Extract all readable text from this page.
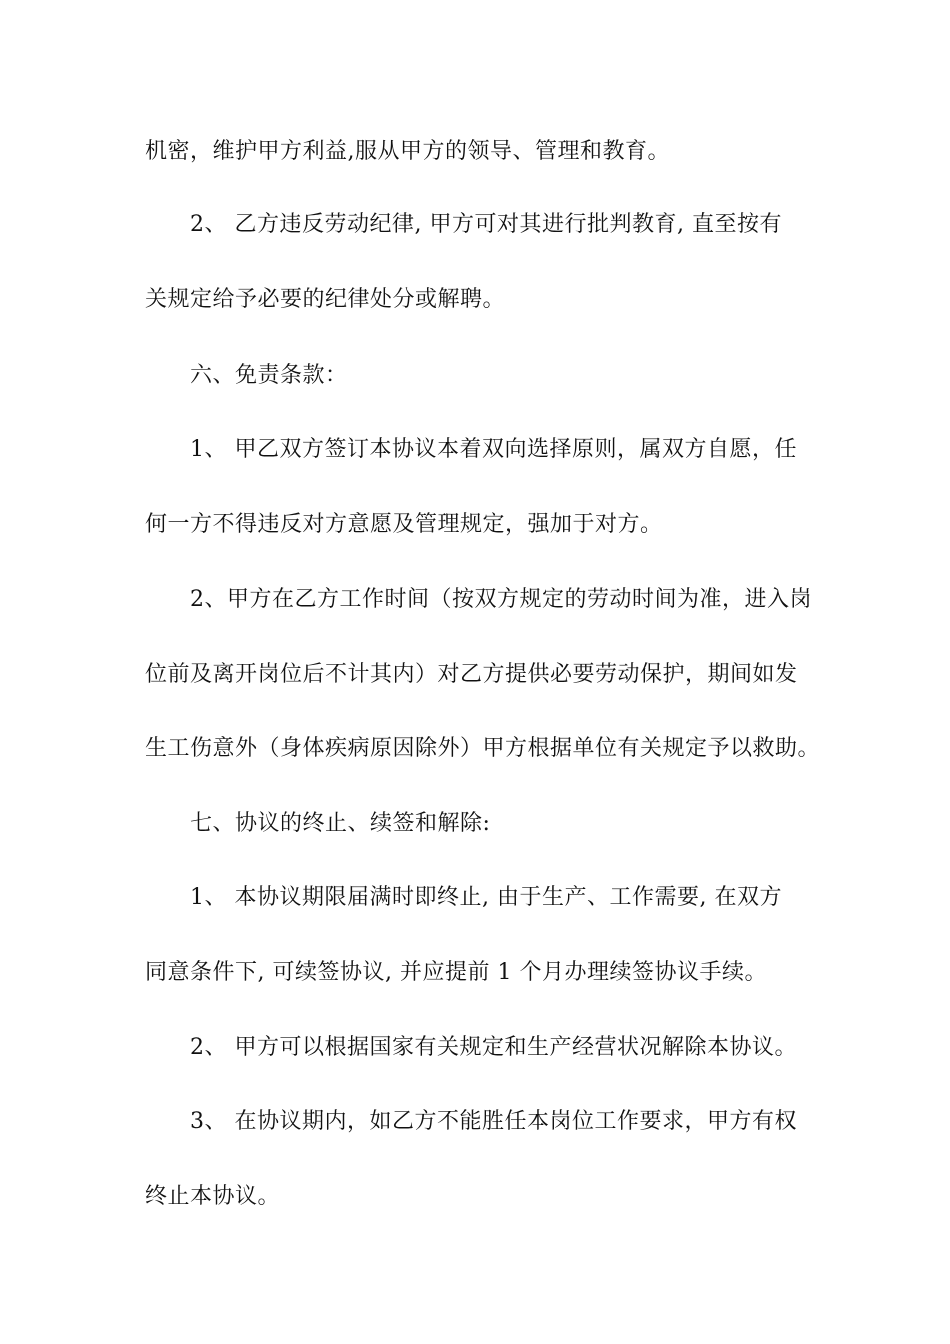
机密，维护甲方利益,服从甲方的领导、管理和教育。
2、 乙方违反劳动纪律, 甲方可对其进行批判教育, 直至按有
关规定给予必要的纪律处分或解聘。
六、免责条款：
1、 甲乙双方签订本协议本着双向选择原则，属双方自愿，任
何一方不得违反对方意愿及管理规定，强加于对方。
2、甲方在乙方工作时间（按双方规定的劳动时间为准，进入岗
位前及离开岗位后不计其内）对乙方提供必要劳动保护，期间如发
生工伤意外（身体疾病原因除外）甲方根据单位有关规定予以救助。
七、协议的终止、续签和解除:
1、 本协议期限届满时即终止, 由于生产、工作需要, 在双方
同意条件下, 可续签协议, 并应提前 1 个月办理续签协议手续。
2、 甲方可以根据国家有关规定和生产经营状况解除本协议。
3、 在协议期内，如乙方不能胜任本岗位工作要求，甲方有权
终止本协议。
